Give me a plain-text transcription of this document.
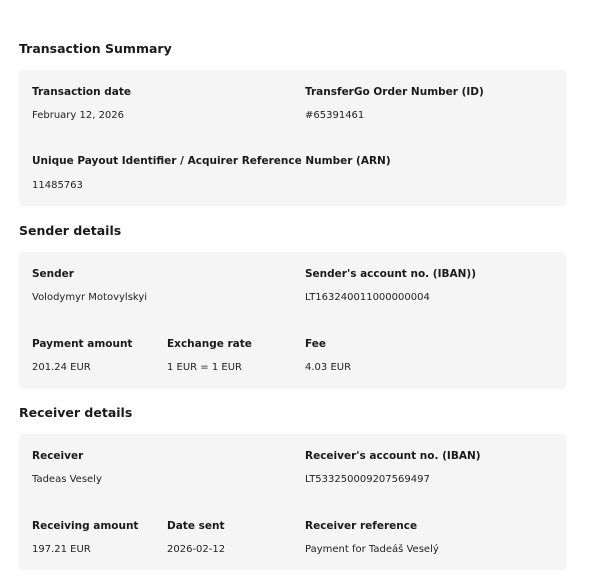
Transaction Summary
Transaction date
February 12, 2026
TransferGo Order Number (ID)
#65391461
Unique Payout Identifier / Acquirer Reference Number (ARN)
11485763
Sender details
Sender
Volodymyr Motovylskyi
Sender's account no. (IBAN))
LT163240011000000004
Payment amount
201.24 EUR
Exchange rate
1 EUR = 1 EUR
Fee
4.03 EUR
Receiver details
Receiver
Tadeas Vesely
Receiver's account no. (IBAN)
LT533250009207569497
Receiving amount
197.21 EUR
Date sent
2026-02-12
Receiver reference
Payment for Tadeáš Veselý
